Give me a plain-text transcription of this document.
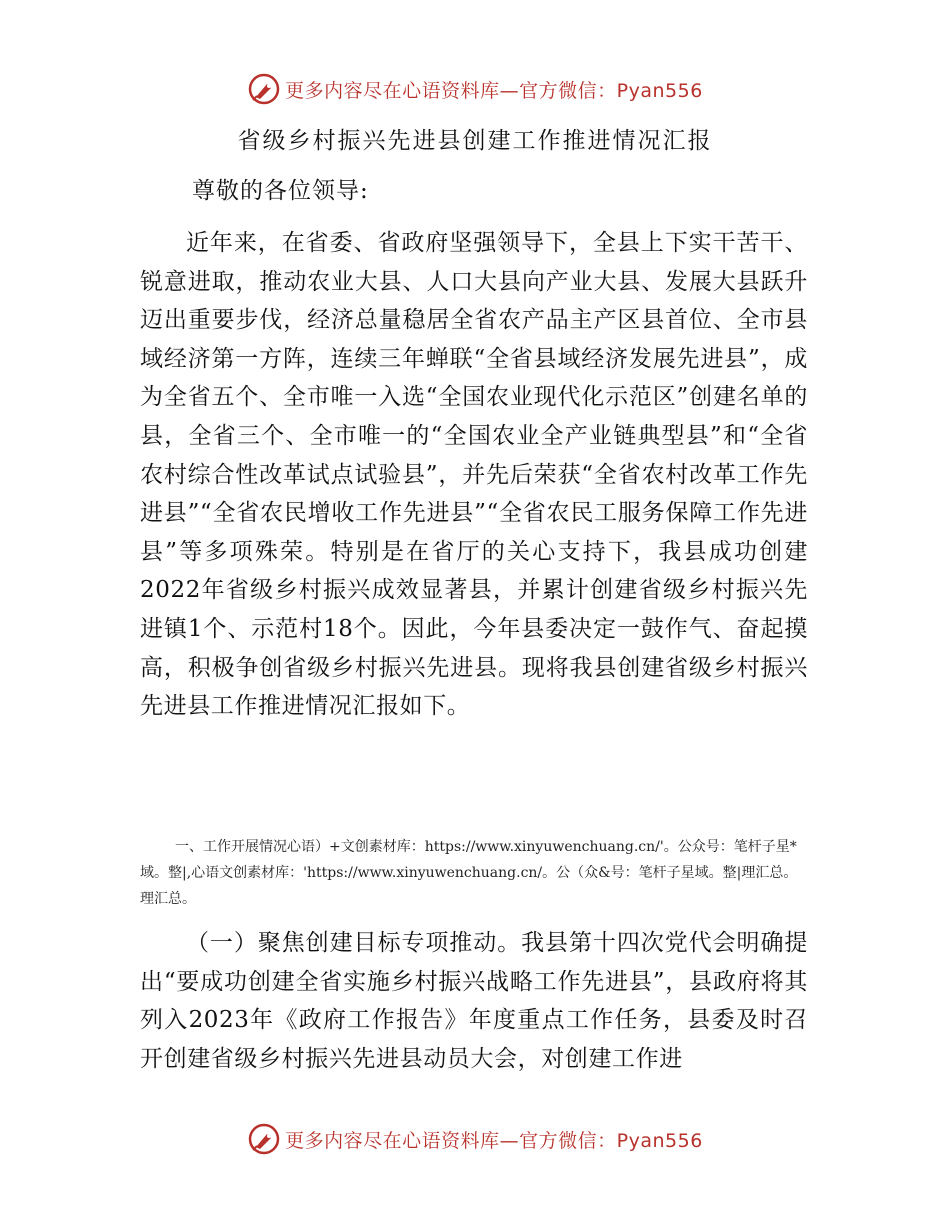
更多内容尽在心语资料库—官方微信：Pyan556
省级乡村振兴先进县创建工作推进情况汇报
尊敬的各位领导:
近年来，在省委、省政府坚强领导下，全县上下实干苦干、锐意进取，推动农业大县、人口大县向产业大县、发展大县跃升迈出重要步伐，经济总量稳居全省农产品主产区县首位、全市县域经济第一方阵，连续三年蝉联“全省县域经济发展先进县”，成为全省五个、全市唯一入选“全国农业现代化示范区”创建名单的县，全省三个、全市唯一的“全国农业全产业链典型县”和“全省农村综合性改革试点试验县”，并先后荣获“全省农村改革工作先进县”“全省农民增收工作先进县”“全省农民工服务保障工作先进县”等多项殊荣。特别是在省厅的关心支持下，我县成功创建2022年省级乡村振兴成效显著县，并累计创建省级乡村振兴先进镇1个、示范村18个。因此，今年县委决定一鼓作气、奋起摸高，积极争创省级乡村振兴先进县。现将我县创建省级乡村振兴先进县工作推进情况汇报如下。
一、工作开展情况心语）+文创素材库：https://www.xinyuwenchuang.cn/'。公众号：笔杆子星*域。整|,心语文创素材库：'https://www.xinyuwenchuang.cn/。公（众&号：笔杆子星域。整|理汇总。理汇总。
（一）聚焦创建目标专项推动。我县第十四次党代会明确提出“要成功创建全省实施乡村振兴战略工作先进县”，县政府将其列入2023年《政府工作报告》年度重点工作任务，县委及时召开创建省级乡村振兴先进县动员大会，对创建工作进
更多内容尽在心语资料库—官方微信：Pyan556
